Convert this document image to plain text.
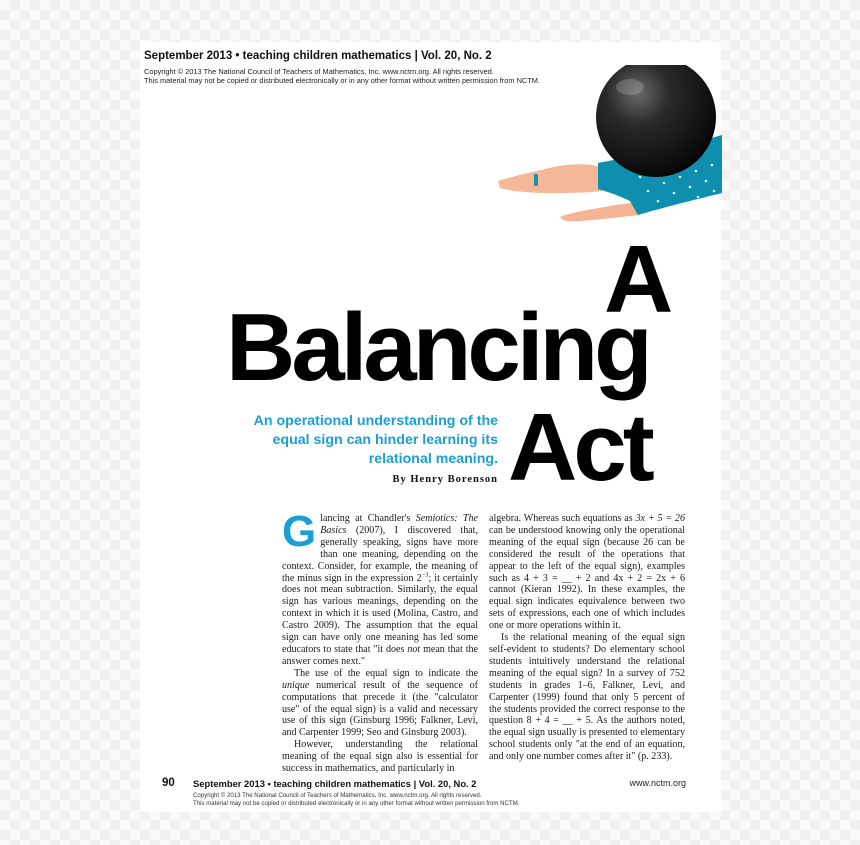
September 2013 • teaching children mathematics | Vol. 20, No. 2
Copyright © 2013 The National Council of Teachers of Mathematics, Inc. www.nctm.org. All rights reserved.
This material may not be copied or distributed electronically or in any other format without written permission from NCTM.
A
Balancing
Act
An operational understanding of the equal sign can hinder learning its relational meaning.
By Henry Borenson

Glancing at Chandler's Semiotics: The Basics (2007), I discovered that, generally speaking, signs have more than one meaning, depending on the context. Consider, for example, the meaning of the minus sign in the expression $2^{-3}$; it certainly does not mean subtraction. Similarly, the equal sign has various meanings, depending on the context in which it is used (Molina, Castro, and Castro 2009). The assumption that the equal sign can have only one meaning has led some educators to state that "it does not mean that the answer comes next."

The use of the equal sign to indicate the unique numerical result of the sequence of computations that precede it (the "calculator use" of the equal sign) is a valid and necessary use of this sign (Ginsburg 1996; Falkner, Levi, and Carpenter 1999; Seo and Ginsburg 2003).

However, understanding the relational meaning of the equal sign also is essential for success in mathematics, and particularly in

algebra. Whereas such equations as 3x + 5 = 26 can be understood knowing only the operational meaning of the equal sign (because 26 can be considered the result of the operations that appear to the left of the equal sign), examples such as 4 + 3 = __ + 2 and 4x + 2 = 2x + 6 cannot (Kieran 1992). In these examples, the equal sign indicates equivalence between two sets of expressions, each one of which includes one or more operations within it.

Is the relational meaning of the equal sign self-evident to students? Do elementary school students intuitively understand the relational meaning of the equal sign? In a survey of 752 students in grades 1–6, Falkner, Levi, and Carpenter (1999) found that only 5 percent of the students provided the correct response to the question 8 + 4 = __ + 5. As the authors noted, the equal sign usually is presented to elementary school students only "at the end of an equation, and only one number comes after it" (p. 233).

90 September 2013 • teaching children mathematics | Vol. 20, No. 2	www.nctm.org
Copyright © 2013 The National Council of Teachers of Mathematics, Inc. www.nctm.org. All rights reserved.
This material may not be copied or distributed electronically or in any other format without written permission from NCTM.
